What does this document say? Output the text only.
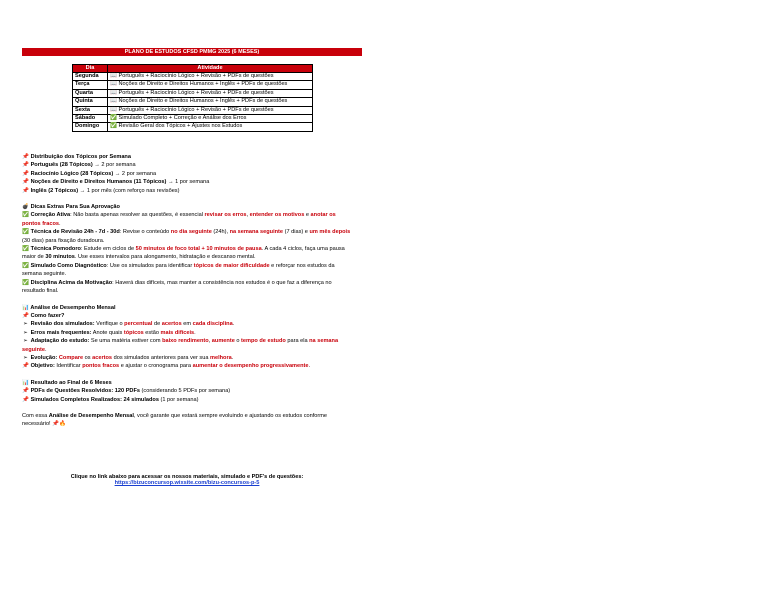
PLANO DE ESTUDOS CFSD PMMG 2025 (6 MESES)
Dia	Atividade
Segunda	📖 Português + Raciocínio Lógico + Revisão + PDFs de questões
Terça	📖 Noções de Direito e Direitos Humanos + Inglês + PDFs de questões
Quarta	📖 Português + Raciocínio Lógico + Revisão + PDFs de questões
Quinta	📖 Noções de Direito e Direitos Humanos + Inglês + PDFs de questões
Sexta	📖 Português + Raciocínio Lógico + Revisão + PDFs de questões
Sábado	✅ Simulado Completo + Correção e Análise dos Erros
Domingo	✅ Revisão Geral dos Tópicos + Ajustes nos Estudos
📌 Distribuição dos Tópicos por Semana
📌 Português (28 Tópicos) → 2 por semana
📌 Raciocínio Lógico (28 Tópicos) → 2 por semana
📌 Noções de Direito e Direitos Humanos (11 Tópicos) → 1 por semana
📌 Inglês (2 Tópicos) → 1 por mês (com reforço nas revisões)
💣 Dicas Extras Para Sua Aprovação
✅ Correção Ativa: Não basta apenas resolver as questões, é essencial revisar os erros, entender os motivos e anotar os pontos fracos.
✅ Técnica de Revisão 24h - 7d - 30d: Revise o conteúdo no dia seguinte (24h), na semana seguinte (7 dias) e um mês depois (30 dias) para fixação duradoura.
✅ Técnica Pomodoro: Estude em ciclos de 50 minutos de foco total + 10 minutos de pausa. A cada 4 ciclos, faça uma pausa maior de 30 minutos. Use esses intervalos para alongamento, hidratação e descanso mental.
✅ Simulado Como Diagnóstico: Use os simulados para identificar tópicos de maior dificuldade e reforçar nos estudos da semana seguinte.
✅ Disciplina Acima da Motivação: Haverá dias difíceis, mas manter a consistência nos estudos é o que faz a diferença no resultado final.
📊 Análise de Desempenho Mensal
📌 Como fazer?
➢ Revisão dos simulados: Verifique o percentual de acertos em cada disciplina.
➢ Erros mais frequentes: Anote quais tópicos estão mais difíceis.
➢ Adaptação do estudo: Se uma matéria estiver com baixo rendimento, aumente o tempo de estudo para ela na semana seguinte.
➢ Evolução: Compare os acertos dos simulados anteriores para ver sua melhora.
📌 Objetivo: Identificar pontos fracos e ajustar o cronograma para aumentar o desempenho progressivamente.
📊 Resultado ao Final de 6 Meses
📌 PDFs de Questões Resolvidos: 120 PDFs (considerando 5 PDFs por semana)
📌 Simulados Completos Realizados: 24 simulados (1 por semana)
Com essa Análise de Desempenho Mensal, você garante que estará sempre evoluindo e ajustando os estudos conforme necessário! 📌🔥
Clique no link abaixo para acessar os nossos materiais, simulado e PDF's de questões:
https://bizuconcursop.wixsite.com/bizu-concursos-p-5
